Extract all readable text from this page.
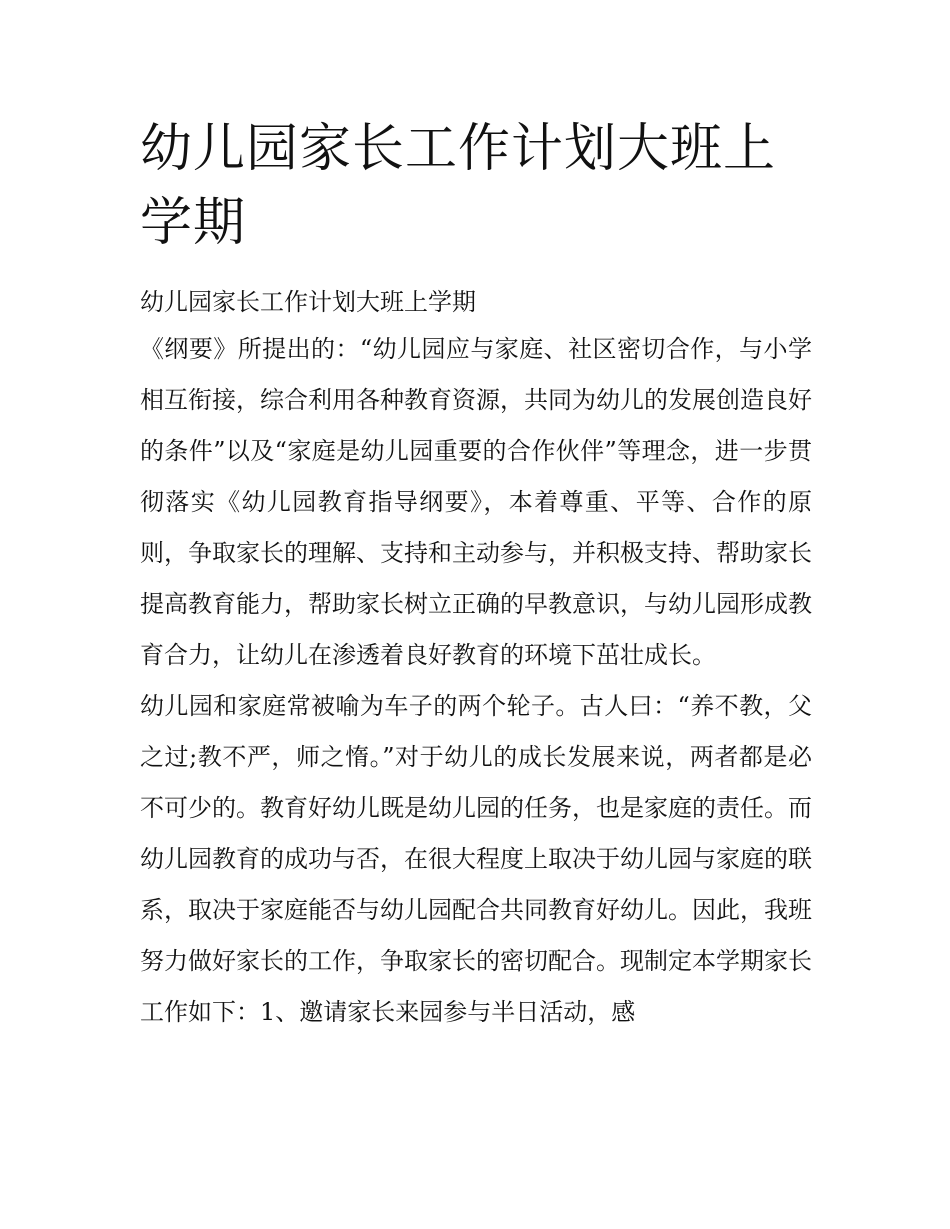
幼儿园家长工作计划大班上学期

幼儿园家长工作计划大班上学期

《纲要》所提出的：“幼儿园应与家庭、社区密切合作，与小学相互衔接，综合利用各种教育资源，共同为幼儿的发展创造良好的条件”以及“家庭是幼儿园重要的合作伙伴”等理念，进一步贯彻落实《幼儿园教育指导纲要》，本着尊重、平等、合作的原则，争取家长的理解、支持和主动参与，并积极支持、帮助家长提高教育能力，帮助家长树立正确的早教意识，与幼儿园形成教育合力，让幼儿在渗透着良好教育的环境下茁壮成长。

幼儿园和家庭常被喻为车子的两个轮子。古人曰：“养不教，父之过;教不严，师之惰。”对于幼儿的成长发展来说，两者都是必不可少的。教育好幼儿既是幼儿园的任务，也是家庭的责任。而幼儿园教育的成功与否，在很大程度上取决于幼儿园与家庭的联系，取决于家庭能否与幼儿园配合共同教育好幼儿。因此，我班努力做好家长的工作，争取家长的密切配合。现制定本学期家长工作如下：1、邀请家长来园参与半日活动，感
